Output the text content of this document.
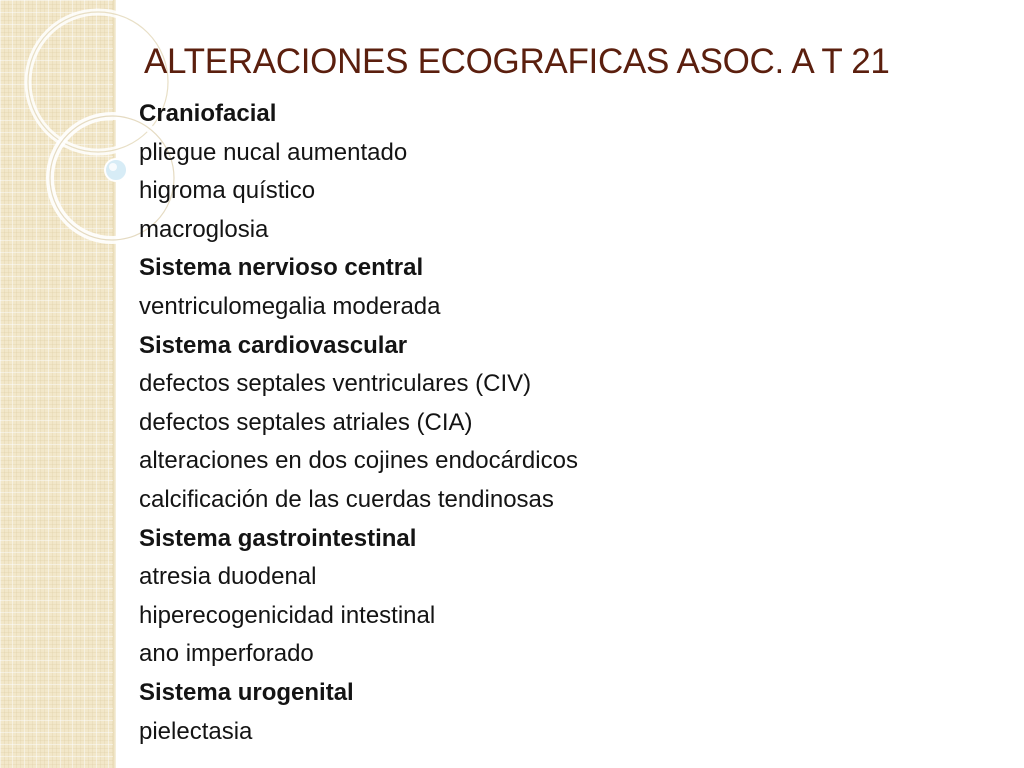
ALTERACIONES ECOGRAFICAS ASOC. A T 21
Craniofacial
pliegue nucal aumentado
higroma quístico
macroglosia
Sistema nervioso central
ventriculomegalia moderada
Sistema cardiovascular
defectos septales ventriculares (CIV)
defectos septales atriales (CIA)
alteraciones en dos cojines endocárdicos
calcificación de las cuerdas tendinosas
Sistema gastrointestinal
atresia duodenal
hiperecogenicidad intestinal
ano imperforado
Sistema urogenital
pielectasia
